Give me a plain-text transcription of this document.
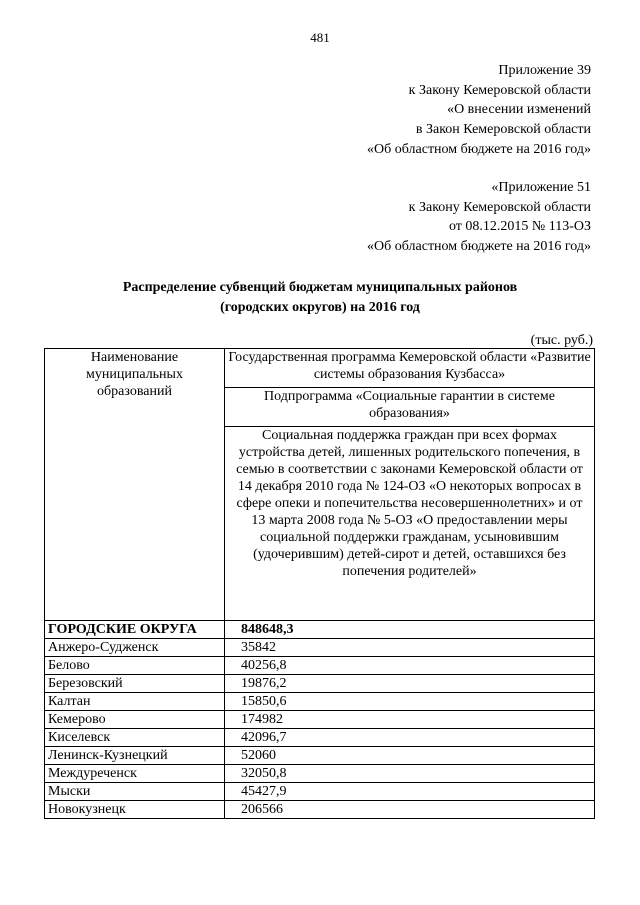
481
Приложение 39
к Закону Кемеровской области
«О внесении изменений
в Закон Кемеровской области
«Об областном бюджете на 2016 год»
«Приложение 51
к Закону Кемеровской области
от 08.12.2015 № 113-ОЗ
«Об областном бюджете на 2016 год»
Распределение субвенций бюджетам муниципальных районов
(городских округов) на 2016 год
(тыс. руб.)
Наименование муниципальных образований	Государственная программа Кемеровской области «Развитие системы образования Кузбасса»
	Подпрограмма «Социальные гарантии в системе образования»
	Социальная поддержка граждан при всех формах устройства детей, лишенных родительского попечения, в семью в соответствии с законами Кемеровской области от 14 декабря 2010 года № 124-ОЗ «О некоторых вопросах в сфере опеки и попечительства несовершеннолетних» и от 13 марта 2008 года № 5-ОЗ «О предоставлении меры социальной поддержки гражданам, усыновившим (удочерившим) детей-сирот и детей, оставшихся без попечения родителей»
ГОРОДСКИЕ ОКРУГА	848648,3
Анжеро-Судженск	35842
Белово	40256,8
Березовский	19876,2
Калтан	15850,6
Кемерово	174982
Киселевск	42096,7
Ленинск-Кузнецкий	52060
Междуреченск	32050,8
Мыски	45427,9
Новокузнецк	206566
